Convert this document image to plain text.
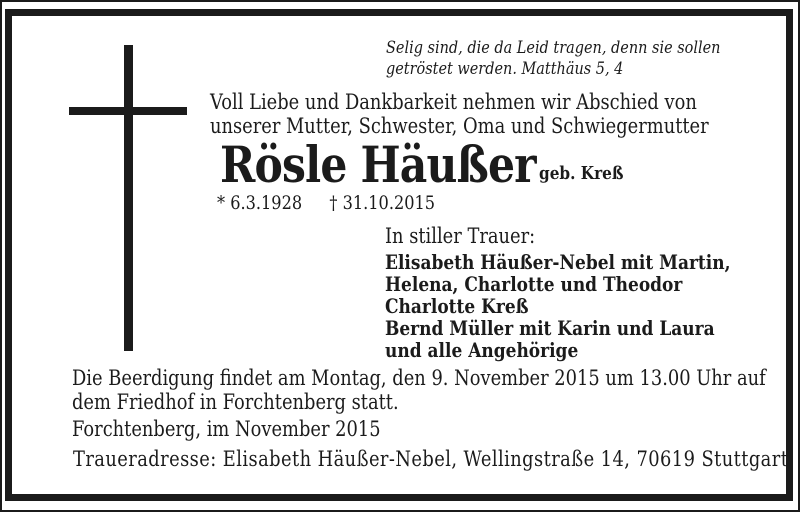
Selig sind, die da Leid tragen, denn sie sollen
getröstet werden. Matthäus 5, 4
Voll Liebe und Dankbarkeit nehmen wir Abschied von
unserer Mutter, Schwester, Oma und Schwiegermutter
Rösle Häußer geb. Kreß
* 6.3.1928 † 31.10.2015
In stiller Trauer:
Elisabeth Häußer-Nebel mit Martin,
Helena, Charlotte und Theodor
Charlotte Kreß
Bernd Müller mit Karin und Laura
und alle Angehörige
Die Beerdigung findet am Montag, den 9. November 2015 um 13.00 Uhr auf
dem Friedhof in Forchtenberg statt.
Forchtenberg, im November 2015
Traueradresse: Elisabeth Häußer-Nebel, Wellingstraße 14, 70619 Stuttgart
